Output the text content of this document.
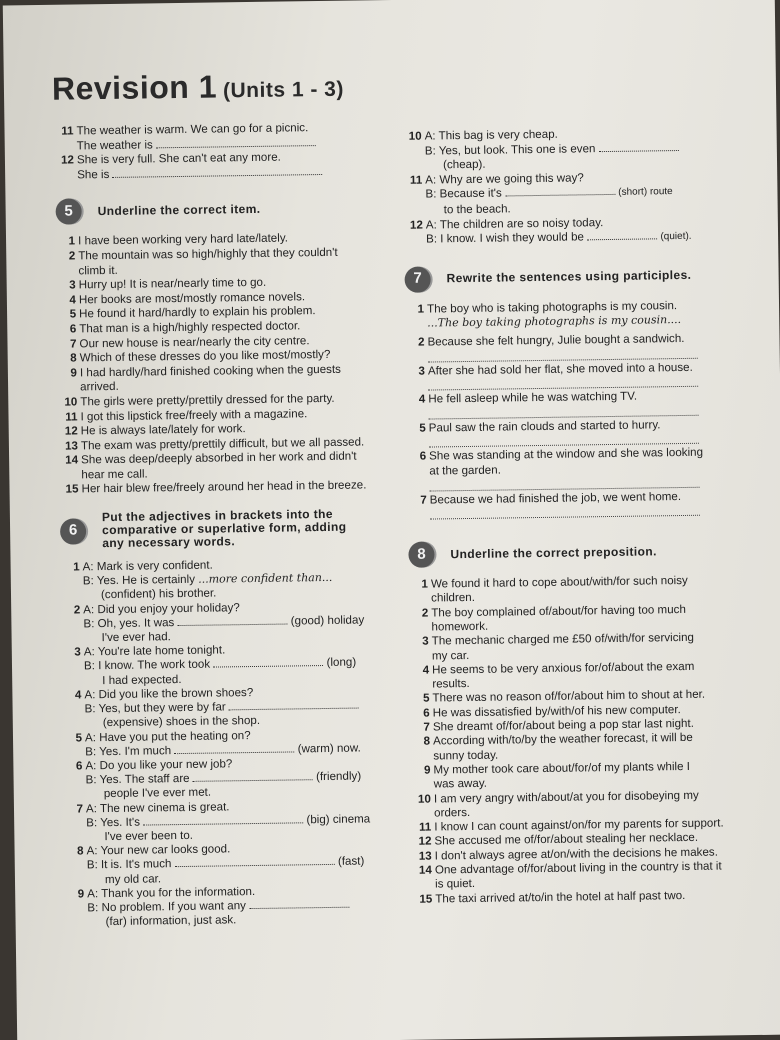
Revision 1 (Units 1 - 3)
11 The weather is warm. We can go for a picnic.
The weather is
12 She is very full. She can't eat any more.
She is
5	Underline the correct item.
1 I have been working very hard late/lately.
2 The mountain was so high/highly that they couldn't
climb it.
3 Hurry up! It is near/nearly time to go.
4 Her books are most/mostly romance novels.
5 He found it hard/hardly to explain his problem.
6 That man is a high/highly respected doctor.
7 Our new house is near/nearly the city centre.
8 Which of these dresses do you like most/mostly?
9 I had hardly/hard finished cooking when the guests
arrived.
10 The girls were pretty/prettily dressed for the party.
11 I got this lipstick free/freely with a magazine.
12 He is always late/lately for work.
13 The exam was pretty/prettily difficult, but we all passed.
14 She was deep/deeply absorbed in her work and didn't
hear me call.
15 Her hair blew free/freely around her head in the breeze.
6
Put the adjectives in brackets into the
comparative or superlative form, adding
any necessary words.
1 A: Mark is very confident.
B: Yes. He is certainly ...more confident than...
(confident) his brother.
2 A: Did you enjoy your holiday?
B: Oh, yes. It was	(good) holiday
I've ever had.
3 A: You're late home tonight.
B: I know. The work took	(long)
I had expected.
4 A: Did you like the brown shoes?
B: Yes, but they were by far
(expensive) shoes in the shop.
5 A: Have you put the heating on?
B: Yes. I'm much	(warm) now.
6 A: Do you like your new job?
B: Yes. The staff are	(friendly)
people I've ever met.
7 A: The new cinema is great.
B: Yes. It's	(big) cinema
I've ever been to.
8 A: Your new car looks good.
B: It is. It's much	(fast)
my old car.
9 A: Thank you for the information.
B: No problem. If you want any
(far) information, just ask.
10 A: This bag is very cheap.
B: Yes, but look. This one is even
(cheap).
11 A: Why are we going this way?
B: Because it's	(short) route
to the beach.
12 A: The children are so noisy today.
B: I know. I wish they would be	(quiet).
7	Rewrite the sentences using participles.
1 The boy who is taking photographs is my cousin.
...The boy taking photographs is my cousin....
2 Because she felt hungry, Julie bought a sandwich.
3 After she had sold her flat, she moved into a house.
4 He fell asleep while he was watching TV.
5 Paul saw the rain clouds and started to hurry.
6 She was standing at the window and she was looking
at the garden.
7 Because we had finished the job, we went home.
8	Underline the correct preposition.
1 We found it hard to cope about/with/for such noisy
children.
2 The boy complained of/about/for having too much
homework.
3 The mechanic charged me £50 of/with/for servicing
my car.
4 He seems to be very anxious for/of/about the exam
results.
5 There was no reason of/for/about him to shout at her.
6 He was dissatisfied by/with/of his new computer.
7 She dreamt of/for/about being a pop star last night.
8 According with/to/by the weather forecast, it will be
sunny today.
9 My mother took care about/for/of my plants while I
was away.
10 I am very angry with/about/at you for disobeying my
orders.
11 I know I can count against/on/for my parents for support.
12 She accused me of/for/about stealing her necklace.
13 I don't always agree at/on/with the decisions he makes.
14 One advantage of/for/about living in the country is that it
is quiet.
15 The taxi arrived at/to/in the hotel at half past two.
